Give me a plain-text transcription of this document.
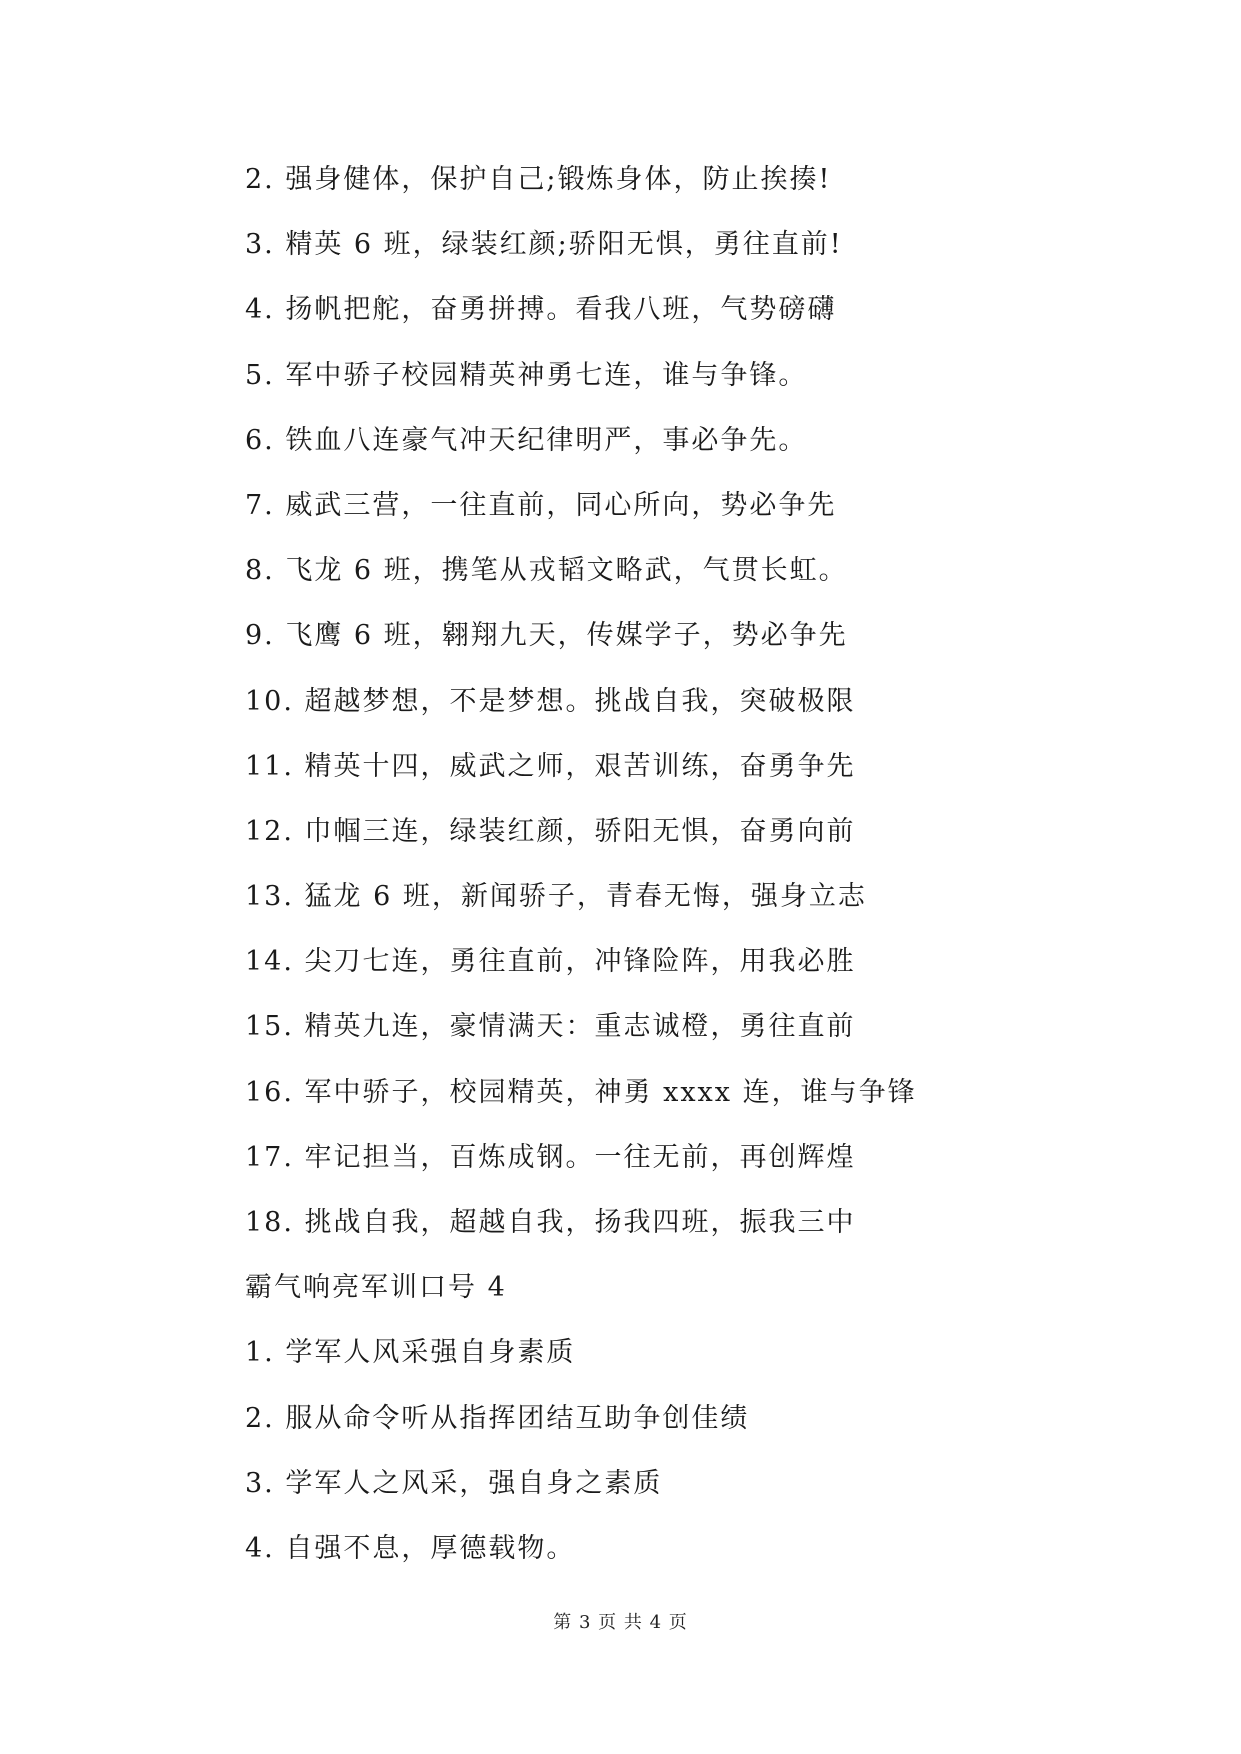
2. 强身健体，保护自己;锻炼身体，防止挨揍!
3. 精英 6 班，绿装红颜;骄阳无惧，勇往直前!
4. 扬帆把舵，奋勇拼搏。看我八班，气势磅礴
5. 军中骄子校园精英神勇七连，谁与争锋。
6. 铁血八连豪气冲天纪律明严，事必争先。
7. 威武三营，一往直前，同心所向，势必争先
8. 飞龙 6 班，携笔从戎韬文略武，气贯长虹。
9. 飞鹰 6 班，翱翔九天，传媒学子，势必争先
10. 超越梦想，不是梦想。挑战自我，突破极限
11. 精英十四，威武之师，艰苦训练，奋勇争先
12. 巾帼三连，绿装红颜，骄阳无惧，奋勇向前
13. 猛龙 6 班，新闻骄子，青春无悔，强身立志
14. 尖刀七连，勇往直前，冲锋险阵，用我必胜
15. 精英九连，豪情满天：重志诚橙，勇往直前
16. 军中骄子，校园精英，神勇 xxxx 连，谁与争锋
17. 牢记担当，百炼成钢。一往无前，再创辉煌
18. 挑战自我，超越自我，扬我四班，振我三中
霸气响亮军训口号 4
1. 学军人风采强自身素质
2. 服从命令听从指挥团结互助争创佳绩
3. 学军人之风采，强自身之素质
4. 自强不息，厚德载物。
第 3 页 共 4 页
